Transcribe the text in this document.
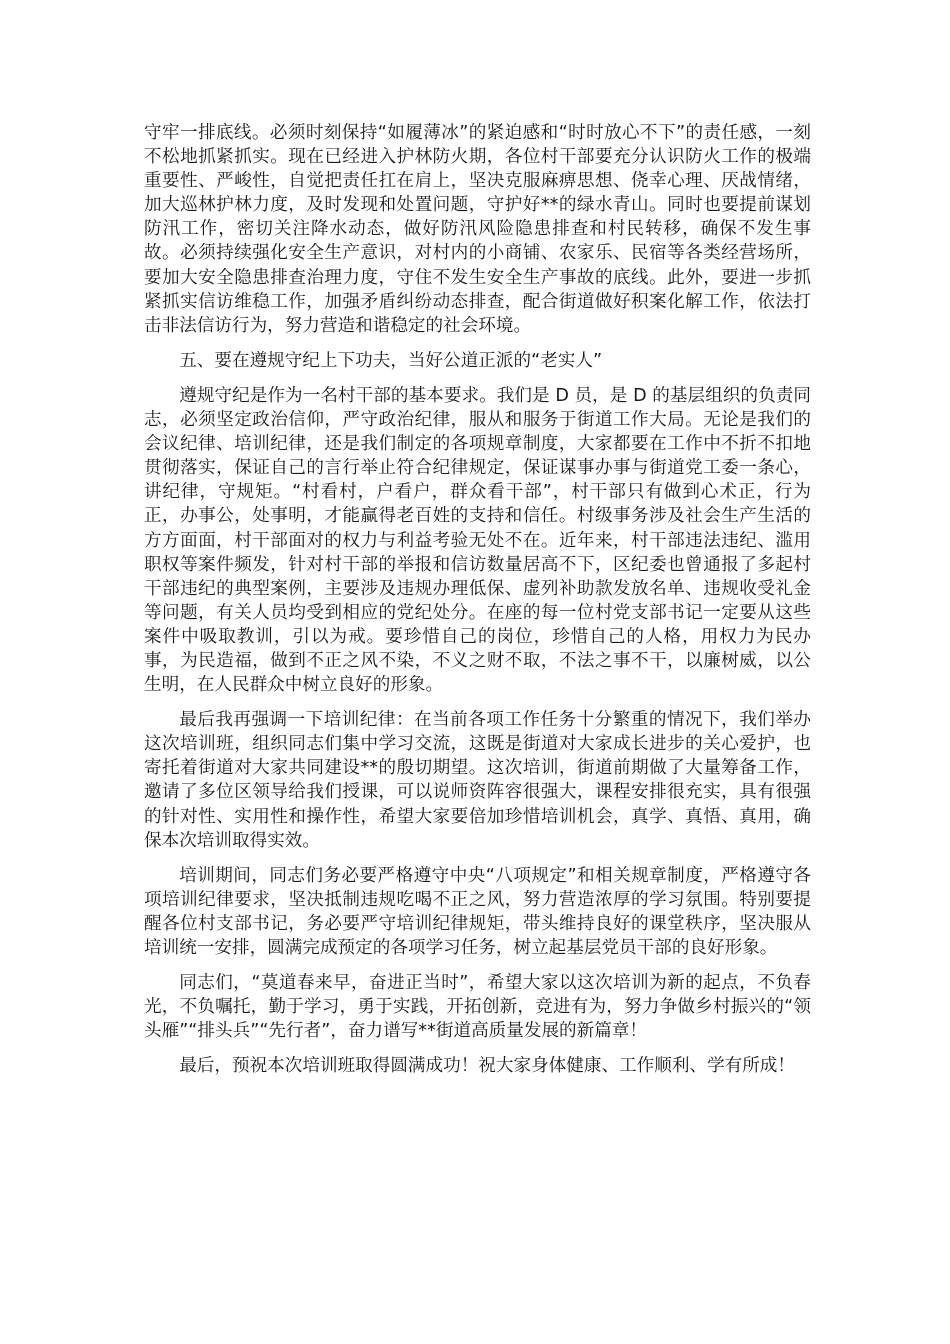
守牢一排底线。必须时刻保持“如履薄冰”的紧迫感和“时时放心不下”的责任感，一刻不松地抓紧抓实。现在已经进入护林防火期，各位村干部要充分认识防火工作的极端重要性、严峻性，自觉把责任扛在肩上，坚决克服麻痹思想、侥幸心理、厌战情绪，加大巡林护林力度，及时发现和处置问题，守护好**的绿水青山。同时也要提前谋划防汛工作，密切关注降水动态，做好防汛风险隐患排查和村民转移，确保不发生事故。必须持续强化安全生产意识，对村内的小商铺、农家乐、民宿等各类经营场所，要加大安全隐患排查治理力度，守住不发生安全生产事故的底线。此外，要进一步抓紧抓实信访维稳工作，加强矛盾纠纷动态排查，配合街道做好积案化解工作，依法打击非法信访行为，努力营造和谐稳定的社会环境。

五、要在遵规守纪上下功夫，当好公道正派的“老实人”

遵规守纪是作为一名村干部的基本要求。我们是 D 员，是 D 的基层组织的负责同志，必须坚定政治信仰，严守政治纪律，服从和服务于街道工作大局。无论是我们的会议纪律、培训纪律，还是我们制定的各项规章制度，大家都要在工作中不折不扣地贯彻落实，保证自己的言行举止符合纪律规定，保证谋事办事与街道党工委一条心，讲纪律，守规矩。“村看村，户看户，群众看干部”，村干部只有做到心术正，行为正，办事公，处事明，才能赢得老百姓的支持和信任。村级事务涉及社会生产生活的方方面面，村干部面对的权力与利益考验无处不在。近年来，村干部违法违纪、滥用职权等案件频发，针对村干部的举报和信访数量居高不下，区纪委也曾通报了多起村干部违纪的典型案例，主要涉及违规办理低保、虚列补助款发放名单、违规收受礼金等问题，有关人员均受到相应的党纪处分。在座的每一位村党支部书记一定要从这些案件中吸取教训，引以为戒。要珍惜自己的岗位，珍惜自己的人格，用权力为民办事，为民造福，做到不正之风不染，不义之财不取，不法之事不干，以廉树威，以公生明，在人民群众中树立良好的形象。

最后我再强调一下培训纪律：在当前各项工作任务十分繁重的情况下，我们举办这次培训班，组织同志们集中学习交流，这既是街道对大家成长进步的关心爱护，也寄托着街道对大家共同建设**的殷切期望。这次培训，街道前期做了大量筹备工作，邀请了多位区领导给我们授课，可以说师资阵容很强大，课程安排很充实，具有很强的针对性、实用性和操作性，希望大家要倍加珍惜培训机会，真学、真悟、真用，确保本次培训取得实效。

培训期间，同志们务必要严格遵守中央“八项规定”和相关规章制度，严格遵守各项培训纪律要求，坚决抵制违规吃喝不正之风，努力营造浓厚的学习氛围。特别要提醒各位村支部书记，务必要严守培训纪律规矩，带头维持良好的课堂秩序，坚决服从培训统一安排，圆满完成预定的各项学习任务，树立起基层党员干部的良好形象。

同志们，“莫道春来早，奋进正当时”，希望大家以这次培训为新的起点，不负春光，不负嘱托，勤于学习，勇于实践，开拓创新，竞进有为，努力争做乡村振兴的“领头雁”“排头兵”“先行者”，奋力谱写**街道高质量发展的新篇章！

最后，预祝本次培训班取得圆满成功！祝大家身体健康、工作顺利、学有所成！
